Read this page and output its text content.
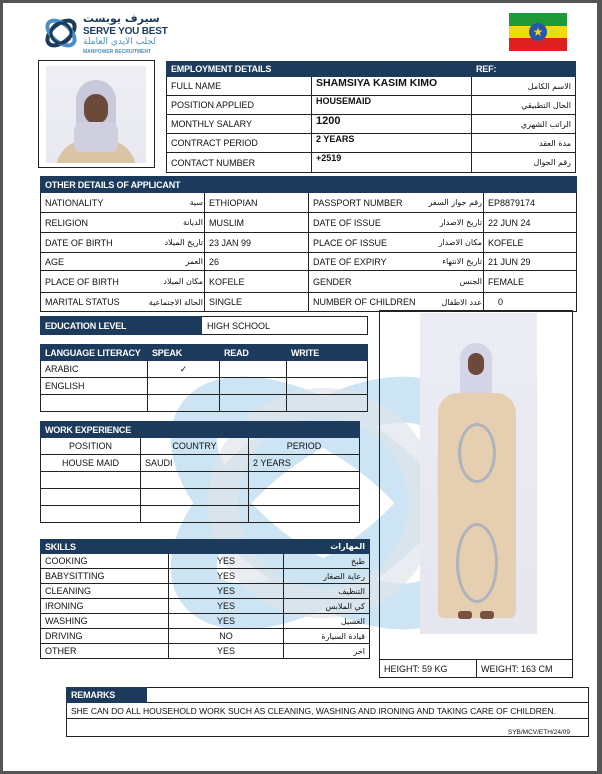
سيرف يوبست
SERVE YOU BEST
لجلب الايدي العاملة
MANPOWER RECRUITMENT
★
EMPLOYMENT DETAILS		REF:
FULL NAME	SHAMSIYA KASIM KIMO	الاسم الكامل
POSITION APPLIED	HOUSEMAID	الحال التطبيقي
MONTHLY SALARY	1200	الراتب الشهري
CONTRACT PERIOD	2 YEARS	مدة العقد
CONTACT NUMBER	+2519	رقم الجوال
OTHER DETAILS OF APPLICANT					
NATIONALITY	سية	ETHIOPIAN	PASSPORT NUMBER	رقم جواز السفر	EP8879174
RELIGION	الديانة	MUSLIM	DATE OF ISSUE	تاريخ الاصدار	22 JUN 24
DATE OF BIRTH	تاريخ الميلاد	23 JAN 99	PLACE OF ISSUE	مكان الاصدار	KOFELE
AGE	العمر	26	DATE OF EXPIRY	تاريخ الانتهاء	21 JUN 29
PLACE OF BIRTH	مكان الميلاد	KOFELE	GENDER	الجنس	FEMALE
MARITAL STATUS	الحالة الاجتماعية	SINGLE	NUMBER OF CHILDREN	عدد الاطفال	0
EDUCATION LEVEL	HIGH SCHOOL
LANGUAGE LITERACY	SPEAK	READ	WRITE
ARABIC	✓		
ENGLISH			

WORK EXPERIENCE		
POSITION	COUNTRY	PERIOD
HOUSE MAID	SAUDI	2 YEARS

SKILLS		المهارات
COOKING	YES	طبخ
BABYSITTING	YES	رعاية الصغار
CLEANING	YES	التنظيف
IRONING	YES	كي الملابس
WASHING	YES	الغسيل
DRIVING	NO	قيادة السيارة
OTHER	YES	اخر
HEIGHT: 59 KG	WEIGHT: 163 CM
REMARKS	
SHE CAN DO ALL HOUSEHOLD WORK SUCH AS CLEANING, WASHING AND IRONING AND TAKING CARE OF CHILDREN.
SYB/MCV/ETH/24/09
